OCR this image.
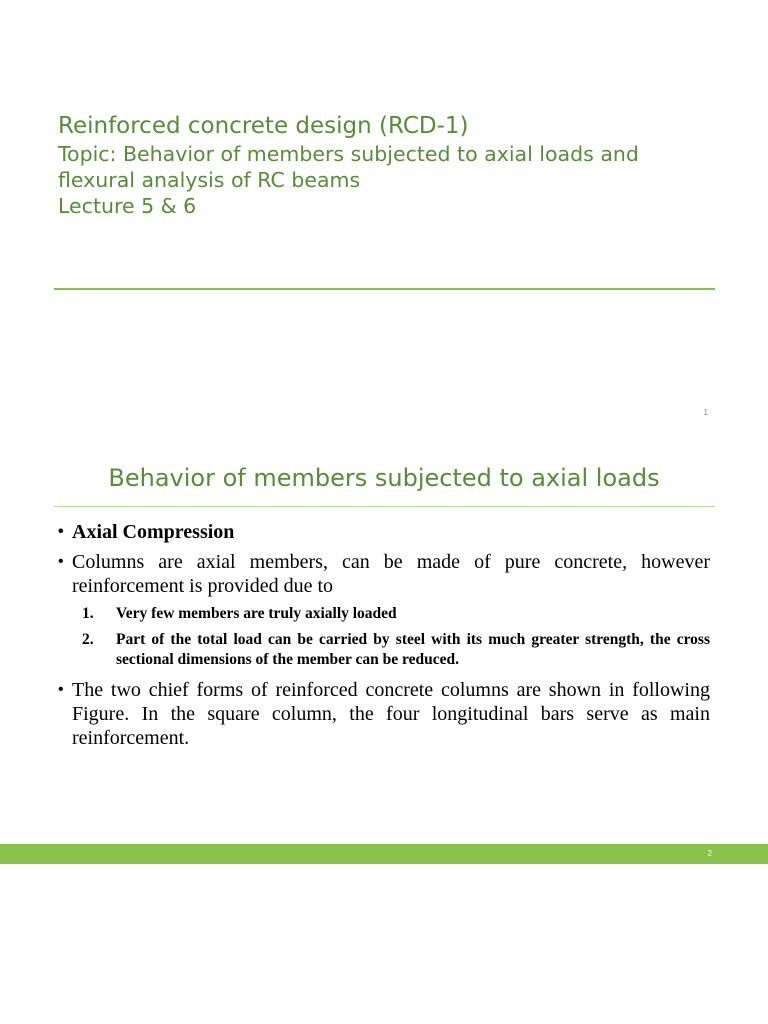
Reinforced concrete design (RCD-1)
Topic: Behavior of members subjected to axial loads and flexural analysis of RC beams
Lecture 5 & 6
1
Behavior of members subjected to axial loads
• Axial Compression
• Columns are axial members, can be made of pure concrete, however reinforcement is provided due to
1. Very few members are truly axially loaded
2. Part of the total load can be carried by steel with its much greater strength, the cross sectional dimensions of the member can be reduced.
• The two chief forms of reinforced concrete columns are shown in following Figure. In the square column, the four longitudinal bars serve as main reinforcement.
2
